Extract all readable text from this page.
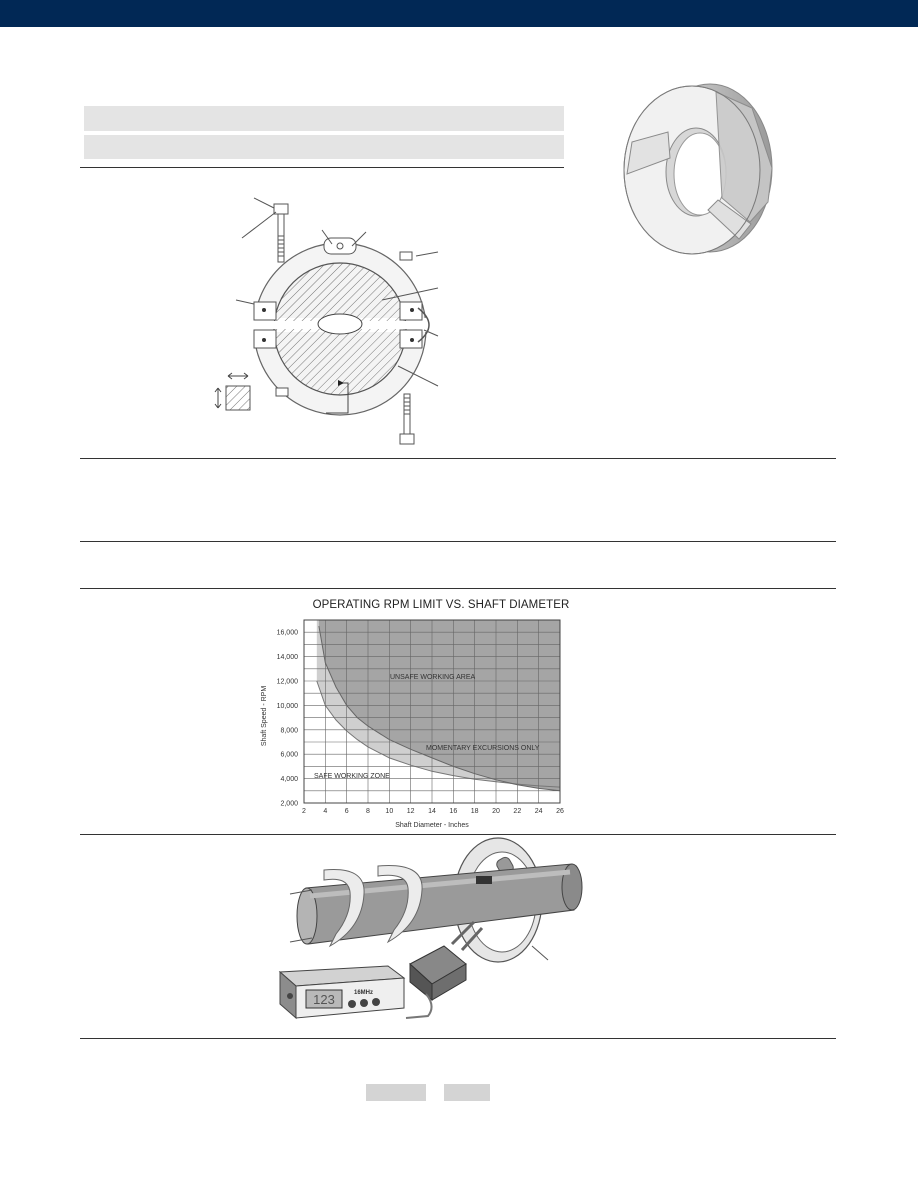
OPERATING RPM LIMIT VS. SHAFT DIAMETER
2 4 6 8 10 12 14 16 18 20 22 24 26
2,000
4,000
6,000
8,000
10,000
12,000
14,000
16,000
Shaft Diameter - Inches
Shaft Speed - RPM
UNSAFE WORKING AREA
MOMENTARY EXCURSIONS ONLY
SAFE WORKING ZONE
123	16MHz
